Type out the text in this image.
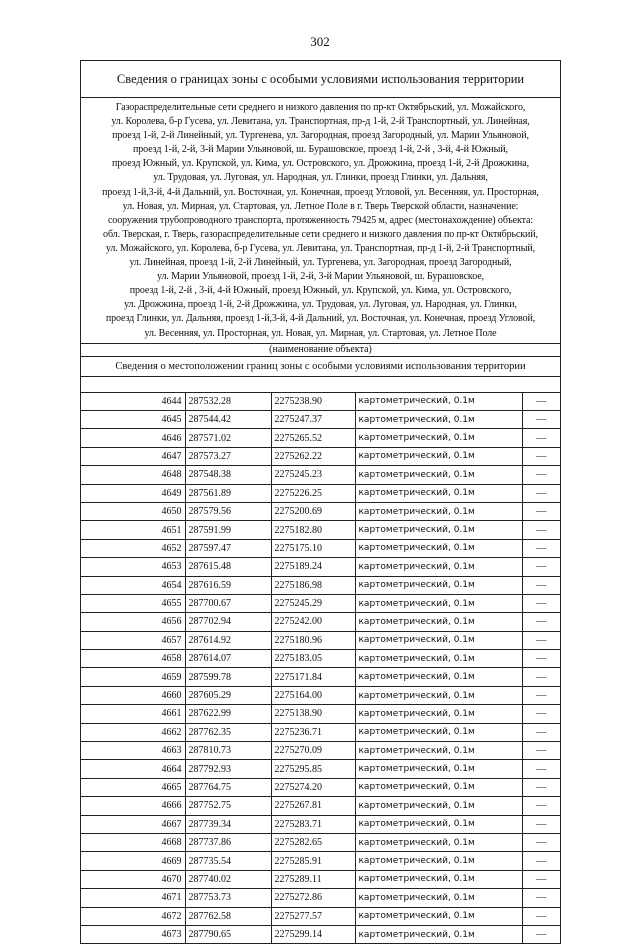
302
Сведения о границах зоны с особыми условиями использования территории
Газораспределительные сети среднего и низкого давления по пр-кт Октябрьский, ул. Можайского,
ул. Королева, б-р Гусева, ул. Левитана, ул. Транспортная, пр-д 1-й, 2-й Транспортный, ул. Линейная,
проезд 1-й, 2-й Линейный, ул. Тургенева, ул. Загородная, проезд Загородный, ул. Марии Ульяновой,
проезд 1-й, 2-й, 3-й Марии Ульяновой, ш. Бурашовское, проезд 1-й, 2-й , 3-й, 4-й Южный,
проезд Южный, ул. Крупской, ул. Кима, ул. Островского, ул. Дрожжина, проезд 1-й, 2-й Дрожжина,
ул. Трудовая, ул. Луговая, ул. Народная, ул. Глинки, проезд Глинки, ул. Дальняя,
проезд 1-й,3-й, 4-й Дальний, ул. Восточная, ул. Конечная, проезд Угловой, ул. Весенняя, ул. Просторная,
ул. Новая, ул. Мирная, ул. Стартовая, ул. Летное Поле в г. Тверь Тверской области, назначение:
сооружения трубопроводного транспорта, протяженность 79425 м, адрес (местонахождение) объекта:
обл. Тверская, г. Тверь, газораспределительные сети среднего и низкого давления по пр-кт Октябрьский,
ул. Можайского, ул. Королева, б-р Гусева, ул. Левитана, ул. Транспортная, пр-д 1-й, 2-й Транспортный,
ул. Линейная, проезд 1-й, 2-й Линейный, ул. Тургенева, ул. Загородная, проезд Загородный,
ул. Марии Ульяновой, проезд 1-й, 2-й, 3-й Марии Ульяновой, ш. Бурашовское,
проезд 1-й, 2-й , 3-й, 4-й Южный, проезд Южный, ул. Крупской, ул. Кима, ул. Островского,
ул. Дрожжина, проезд 1-й, 2-й Дрожжина, ул. Трудовая, ул. Луговая, ул. Народная, ул. Глинки,
проезд Глинки, ул. Дальняя, проезд 1-й,3-й, 4-й Дальний, ул. Восточная, ул. Конечная, проезд Угловой,
ул. Весенняя, ул. Просторная, ул. Новая, ул. Мирная, ул. Стартовая, ул. Летное Поле
(наименование объекта)
Сведения о местоположении границ зоны с особыми условиями использования территории
4644	287532.28	2275238.90	картометрический, 0.1м	—
4645	287544.42	2275247.37	картометрический, 0.1м	—
4646	287571.02	2275265.52	картометрический, 0.1м	—
4647	287573.27	2275262.22	картометрический, 0.1м	—
4648	287548.38	2275245.23	картометрический, 0.1м	—
4649	287561.89	2275226.25	картометрический, 0.1м	—
4650	287579.56	2275200.69	картометрический, 0.1м	—
4651	287591.99	2275182.80	картометрический, 0.1м	—
4652	287597.47	2275175.10	картометрический, 0.1м	—
4653	287615.48	2275189.24	картометрический, 0.1м	—
4654	287616.59	2275186.98	картометрический, 0.1м	—
4655	287700.67	2275245.29	картометрический, 0.1м	—
4656	287702.94	2275242.00	картометрический, 0.1м	—
4657	287614.92	2275180.96	картометрический, 0.1м	—
4658	287614.07	2275183.05	картометрический, 0.1м	—
4659	287599.78	2275171.84	картометрический, 0.1м	—
4660	287605.29	2275164.00	картометрический, 0.1м	—
4661	287622.99	2275138.90	картометрический, 0.1м	—
4662	287762.35	2275236.71	картометрический, 0.1м	—
4663	287810.73	2275270.09	картометрический, 0.1м	—
4664	287792.93	2275295.85	картометрический, 0.1м	—
4665	287764.75	2275274.20	картометрический, 0.1м	—
4666	287752.75	2275267.81	картометрический, 0.1м	—
4667	287739.34	2275283.71	картометрический, 0.1м	—
4668	287737.86	2275282.65	картометрический, 0.1м	—
4669	287735.54	2275285.91	картометрический, 0.1м	—
4670	287740.02	2275289.11	картометрический, 0.1м	—
4671	287753.73	2275272.86	картометрический, 0.1м	—
4672	287762.58	2275277.57	картометрический, 0.1м	—
4673	287790.65	2275299.14	картометрический, 0.1м	—
